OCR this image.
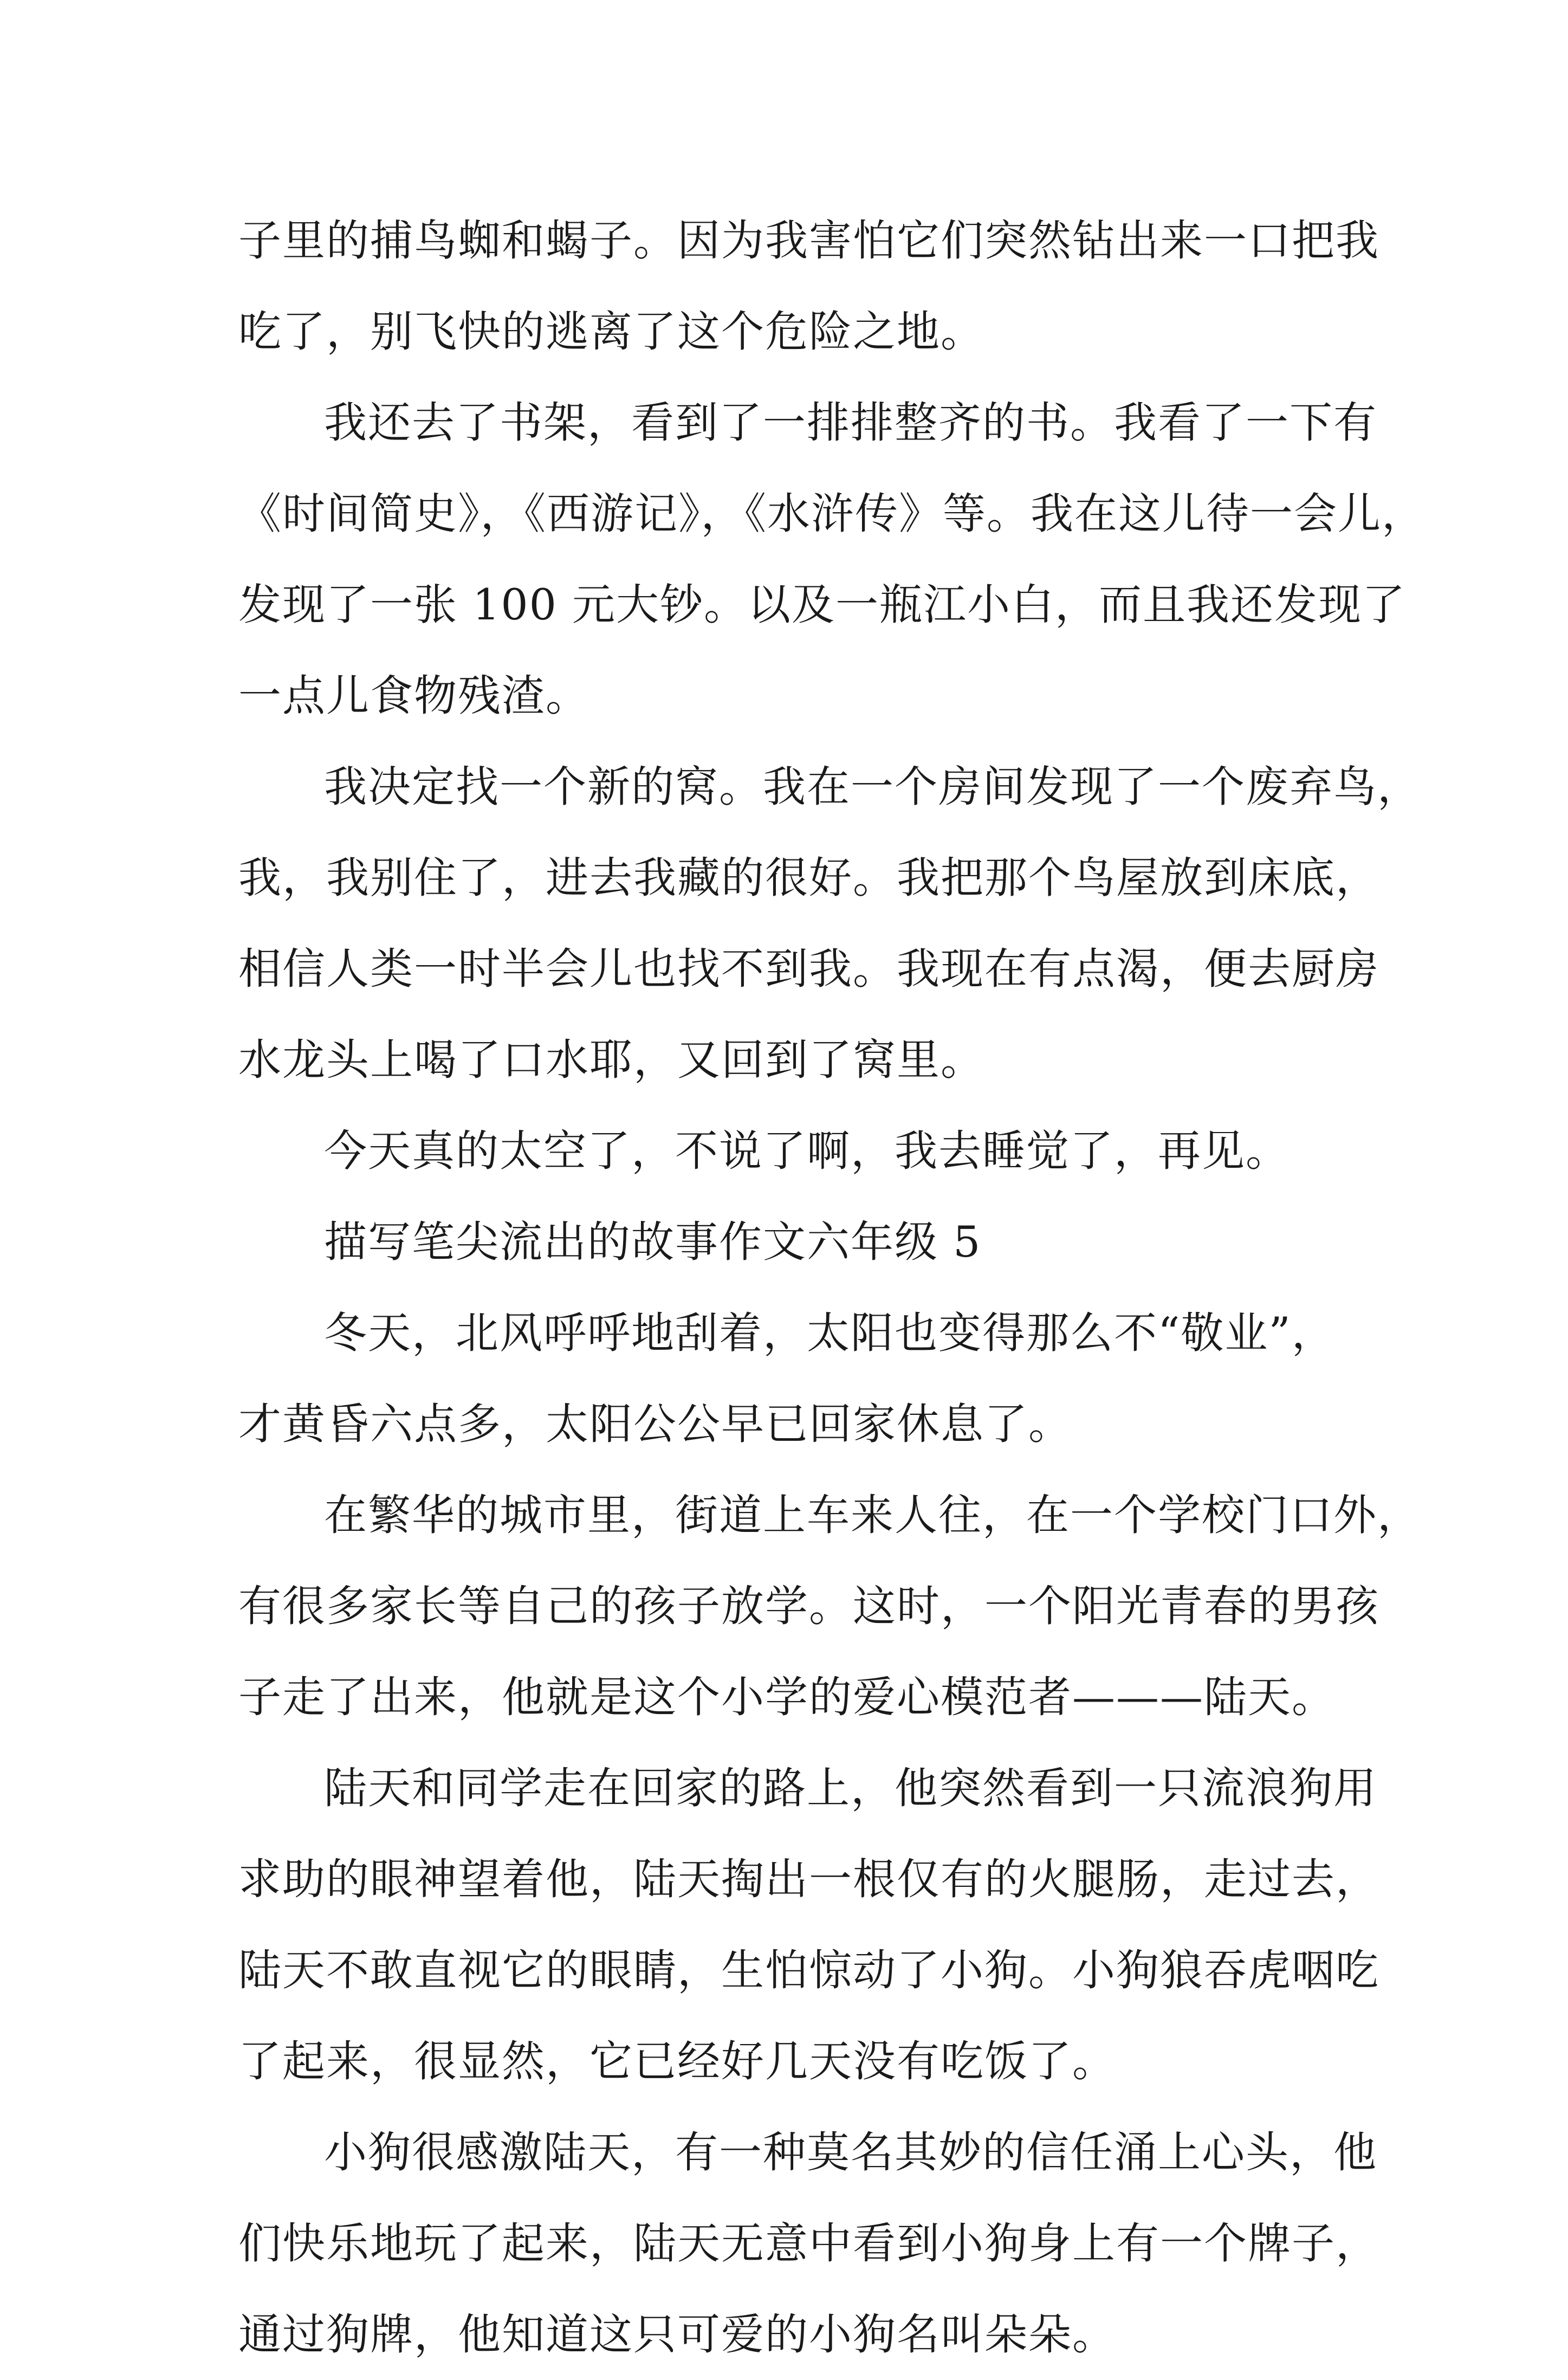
子里的捕鸟蜘和蝎子。因为我害怕它们突然钻出来一口把我
吃了，别飞快的逃离了这个危险之地。
我还去了书架，看到了一排排整齐的书。我看了一下有
《时间简史》，《西游记》，《水浒传》等。我在这儿待一会儿，
发现了一张 100 元大钞。以及一瓶江小白，而且我还发现了
一点儿食物残渣。
我决定找一个新的窝。我在一个房间发现了一个废弃鸟，
我，我别住了，进去我藏的很好。我把那个鸟屋放到床底，
相信人类一时半会儿也找不到我。我现在有点渴，便去厨房
水龙头上喝了口水耶，又回到了窝里。
今天真的太空了，不说了啊，我去睡觉了，再见。
描写笔尖流出的故事作文六年级 5
冬天，北风呼呼地刮着，太阳也变得那么不“敬业”，
才黄昏六点多，太阳公公早已回家休息了。
在繁华的城市里，街道上车来人往，在一个学校门口外，
有很多家长等自己的孩子放学。这时，一个阳光青春的男孩
子走了出来，他就是这个小学的爱心模范者———陆天。
陆天和同学走在回家的路上，他突然看到一只流浪狗用
求助的眼神望着他，陆天掏出一根仅有的火腿肠，走过去，
陆天不敢直视它的眼睛，生怕惊动了小狗。小狗狼吞虎咽吃
了起来，很显然，它已经好几天没有吃饭了。
小狗很感激陆天，有一种莫名其妙的信任涌上心头，他
们快乐地玩了起来，陆天无意中看到小狗身上有一个牌子，
通过狗牌，他知道这只可爱的小狗名叫朵朵。
